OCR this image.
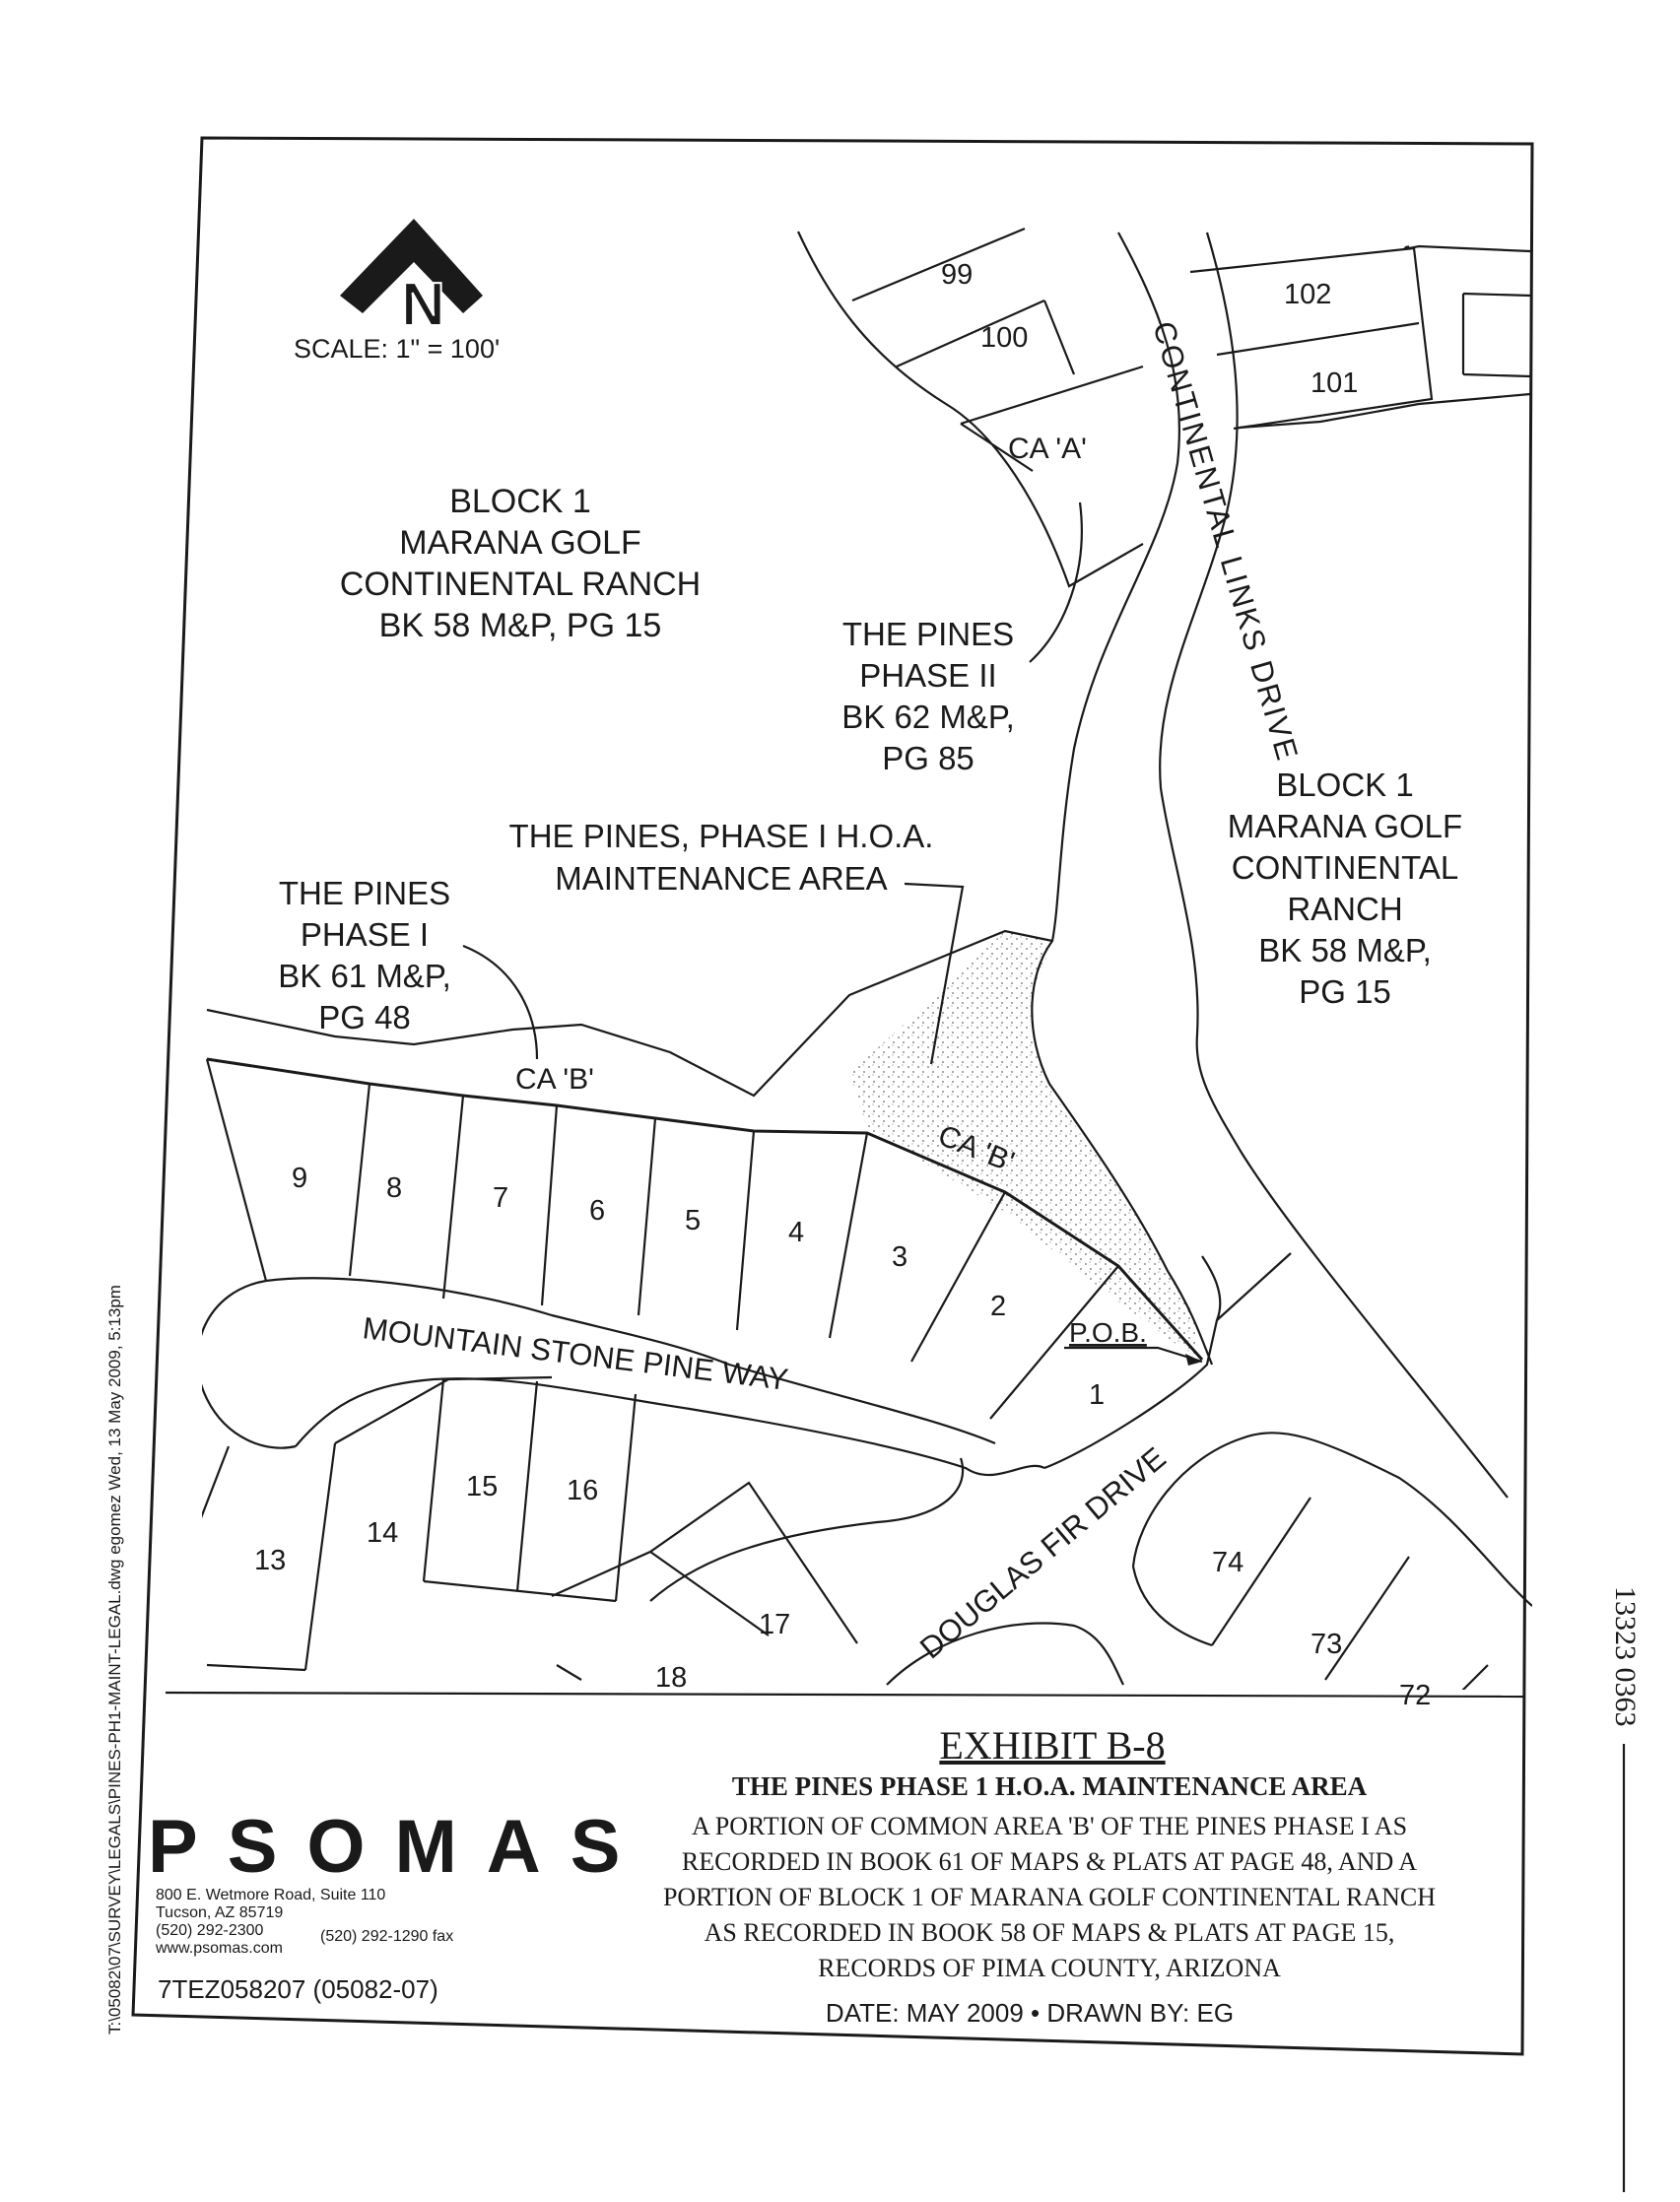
N
SCALE: 1" = 100'
BLOCK 1
MARANA GOLF
CONTINENTAL RANCH
BK 58 M&P, PG 15	THE PINES
PHASE II
BK 62 M&P,
PG 85
BLOCK 1
MARANA GOLF
CONTINENTAL
RANCH
BK 58 M&P,
PG 15
THE PINES, PHASE I H.O.A.
MAINTENANCE AREA
THE PINES
PHASE I
BK 61 M&P,
PG 48
CA 'A'
CA 'B'
CA 'B'
CONTINENTAL LINKS DRIVE
MOUNTAIN STONE PINE WAY
DOUGLAS FIR DRIVE
P.O.B.
99
100
102
101
9	8	7	6	5	4
3
2
1
13
14
15 16
17
18
74
73
72
EXHIBIT B-8
THE PINES PHASE 1 H.O.A. MAINTENANCE AREA
A PORTION OF COMMON AREA 'B' OF THE PINES PHASE I AS
RECORDED IN BOOK 61 OF MAPS & PLATS AT PAGE 48, AND A
PORTION OF BLOCK 1 OF MARANA GOLF CONTINENTAL RANCH
AS RECORDED IN BOOK 58 OF MAPS & PLATS AT PAGE 15,
RECORDS OF PIMA COUNTY, ARIZONA
DATE: MAY 2009 • DRAWN BY: EG
PSOMAS
800 E. Wetmore Road, Suite 110
Tucson, AZ 85719
(520) 292-2300	(520) 292-1290 fax
www.psomas.com
7TEZ058207 (05082-07)
T:\05082\07\SURVEY\LEGALS\PINES-PH1-MAINT-LEGAL.dwg egomez Wed, 13 May 2009, 5:13pm	13323 0363
